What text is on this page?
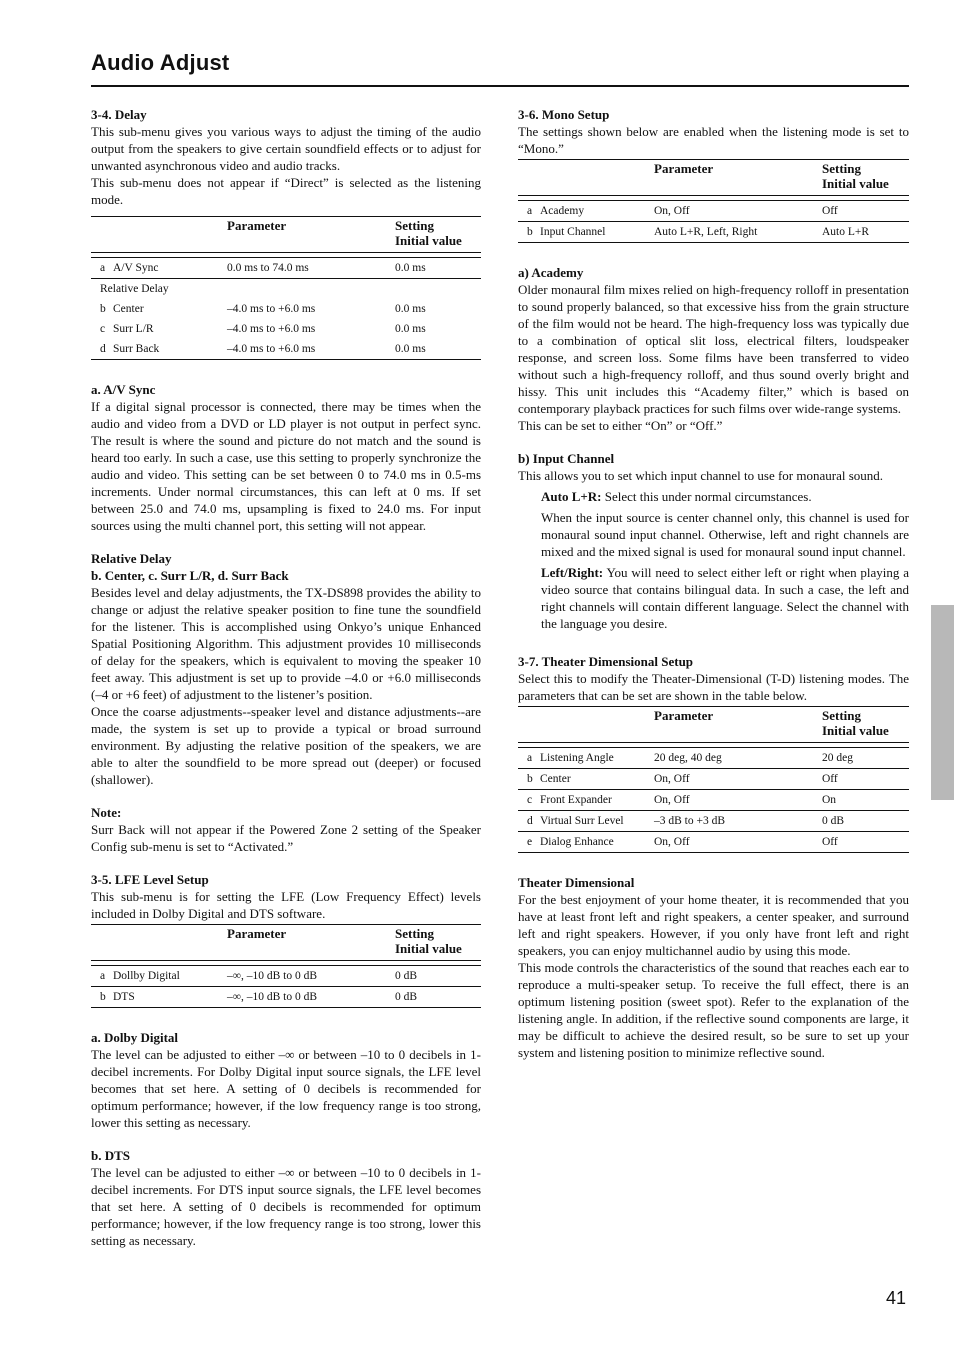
Audio Adjust

3-4. Delay

This sub-menu gives you various ways to adjust the timing of the audio output from the speakers to give certain soundfield effects or to adjust for unwanted asynchronous video and audio tracks.

This sub-menu does not appear if “Direct” is selected as the listening mode.

	Parameter	Setting
Initial value

a A/V Sync	0.0 ms to 74.0 ms	0.0 ms
Relative Delay		
b Center	–4.0 ms to +6.0 ms	0.0 ms
c Surr L/R	–4.0 ms to +6.0 ms	0.0 ms
d Surr Back	–4.0 ms to +6.0 ms	0.0 ms

a. A/V Sync

If a digital signal processor is connected, there may be times when the audio and video from a DVD or LD player is not output in perfect sync. The result is where the sound and picture do not match and the sound is heard too early. In such a case, use this setting to properly synchronize the audio and video. This setting can be set between 0 to 74.0 ms in 0.5-ms increments. Under normal circumstances, this can left at 0 ms. If set between 25.0 and 74.0 ms, upsampling is fixed to 24.0 ms. For input sources using the multi channel port, this setting will not appear.

Relative Delay

b. Center, c. Surr L/R, d. Surr Back

Besides level and delay adjustments, the TX-DS898 provides the ability to change or adjust the relative speaker position to fine tune the soundfield for the listener. This is accomplished using Onkyo’s unique Enhanced Spatial Positioning Algorithm. This adjustment provides 10 milliseconds of delay for the speakers, which is equivalent to moving the speaker 10 feet away. This adjustment is set up to provide –4.0 or +6.0 milliseconds (–4 or +6 feet) of adjustment to the listener’s position.

Once the coarse adjustments--speaker level and distance adjustments--are made, the system is set up to provide a typical or broad surround environment. By adjusting the relative position of the speakers, we are able to alter the soundfield to be more spread out (deeper) or focused (shallower).

Note:

Surr Back will not appear if the Powered Zone 2 setting of the Speaker Config sub-menu is set to “Activated.”

3-5. LFE Level Setup

This sub-menu is for setting the LFE (Low Frequency Effect) levels included in Dolby Digital and DTS software.

	Parameter	Setting
Initial value

a Dollby Digital	–∞, –10 dB to 0 dB	0 dB
b DTS	–∞, –10 dB to 0 dB	0 dB

a. Dolby Digital

The level can be adjusted to either –∞ or between –10 to 0 decibels in 1-decibel increments. For Dolby Digital input source signals, the LFE level becomes that set here. A setting of 0 decibels is recommended for optimum performance; however, if the low frequency range is too strong, lower this setting as necessary.

b. DTS

The level can be adjusted to either –∞ or between –10 to 0 decibels in 1-decibel increments. For DTS input source signals, the LFE level becomes that set here. A setting of 0 decibels is recommended for optimum performance; however, if the low frequency range is too strong, lower this setting as necessary.

3-6. Mono Setup

The settings shown below are enabled when the listening mode is set to “Mono.”

	Parameter	Setting
Initial value

a Academy	On, Off	Off
b Input Channel	Auto L+R, Left, Right	Auto L+R

a) Academy

Older monaural film mixes relied on high-frequency rolloff in presentation to sound properly balanced, so that excessive hiss from the grain structure of the film would not be heard. The high-frequency loss was typically due to a combination of optical slit loss, electrical filters, loudspeaker response, and screen loss. Some films have been transferred to video without such a high-frequency rolloff, and thus sound overly bright and hissy. This unit includes this “Academy filter,” which is based on contemporary playback practices for such films over wide-range systems.

This can be set to either “On” or “Off.”

b) Input Channel

This allows you to set which input channel to use for monaural sound.

Auto L+R: Select this under normal circumstances.

When the input source is center channel only, this channel is used for monaural sound input channel. Otherwise, left and right channels are mixed and the mixed signal is used for monaural sound input channel.

Left/Right: You will need to select either left or right when playing a video source that contains bilingual data. In such a case, the left and right channels will contain different language. Select the channel with the language you desire.

3-7. Theater Dimensional Setup

Select this to modify the Theater-Dimensional (T-D) listening modes. The parameters that can be set are shown in the table below.

	Parameter	Setting
Initial value

a Listening Angle	20 deg, 40 deg	20 deg
b Center	On, Off	Off
c Front Expander	On, Off	On
d Virtual Surr Level	–3 dB to +3 dB	0 dB
e Dialog Enhance	On, Off	Off

Theater Dimensional

For the best enjoyment of your home theater, it is recommended that you have at least front left and right speakers, a center speaker, and surround left and right speakers. However, if you only have front left and right speakers, you can enjoy multichannel audio by using this mode.

This mode controls the characteristics of the sound that reaches each ear to reproduce a multi-speaker setup. To receive the full effect, there is an optimum listening position (sweet spot). Refer to the explanation of the listening angle. In addition, if the reflective sound components are large, it may be difficult to achieve the desired result, so be sure to set up your system and listening position to minimize reflective sound.

41
